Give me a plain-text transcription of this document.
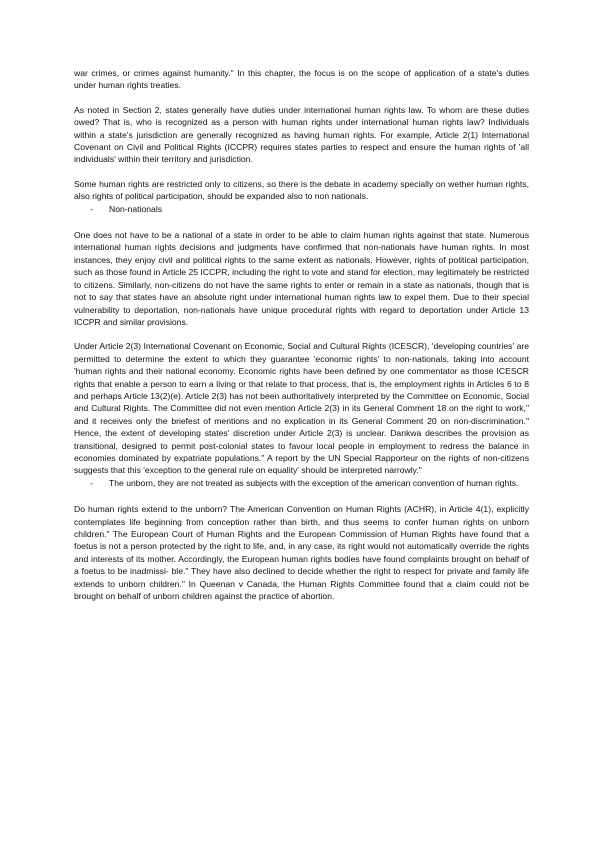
war crimes, or crimes against humanity." In this chapter, the focus is on the scope of application of a state's duties under human rights treaties.

As noted in Section 2, states generally have duties under international human rights law. To whom are these duties owed? That is, who is recognized as a person with human rights under international human rights law? Individuals within a state's jurisdiction are generally recognized as having human rights. For example, Article 2(1) International Covenant on Civil and Political Rights (ICCPR) requires states parties to respect and ensure the human rights of 'all individuals' within their territory and jurisdiction.

Some human rights are restricted only to citizens, so there is the debate in academy specially on wether human rights, also rights of political participation, should be expanded also to non nationals.

-	Non-nationals

One does not have to be a national of a state in order to be able to claim human rights against that state. Numerous international human rights decisions and judgments have confirmed that non-nationals have human rights. In most instances, they enjoy civil and political rights to the same extent as nationals. However, rights of political participation, such as those found in Article 25 ICCPR, including the right to vote and stand for election, may legitimately be restricted to citizens. Similarly, non-citizens do not have the same rights to enter or remain in a state as nationals, though that is not to say that states have an absolute right under international human rights law to expel them. Due to their special vulnerability to deportation, non-nationals have unique procedural rights with regard to deportation under Article 13 ICCPR and similar provisions.

Under Article 2(3) International Covenant on Economic, Social and Cultural Rights (ICESCR), 'developing countries' are permitted to determine the extent to which they guarantee 'economic rights' to non-nationals, taking into account 'human rights and their national economy. Economic rights have been defined by one commentator as those ICESCR rights that enable a person to earn a living or that relate to that process, that is, the employment rights in Articles 6 to 8 and perhaps Article 13(2)(e). Article 2(3) has not been authoritatively interpreted by the Committee on Economic, Social and Cultural Rights. The Committee did not even mention Article 2(3) in its General Comment 18 on the right to work," and it receives only the briefest of mentions and no explication in its General Comment 20 on non-discrimination." Hence, the extent of developing states' discretion under Article 2(3) is unclear. Dankwa describes the provision as transitional, designed to permit post-colonial states to favour local people in employment to redress the balance in economies dominated by expatriate populations." A report by the UN Special Rapporteur on the rights of non-citizens suggests that this 'exception to the general rule on equality' should be interpreted narrowly."

-	The unborn, they are not treated as subjects with the exception of the american convention of human rights.

Do human rights extend to the unborn? The American Convention on Human Rights (ACHR), in Article 4(1), explicitly contemplates life beginning from conception rather than birth, and thus seems to confer human rights on unborn children." The European Court of Human Rights and the European Commission of Human Rights have found that a foetus is not a person protected by the right to life, and, in any case, its right would not automatically override the rights and interests of its mother. Accordingly, the European human rights bodies have found complaints brought on behalf of a foetus to be inadmissi- ble." They have also declined to decide whether the right to respect for private and family life extends to unborn children." In Queenan v Canada, the Human Rights Committee found that a claim could not be brought on behalf of unborn children against the practice of abortion.
